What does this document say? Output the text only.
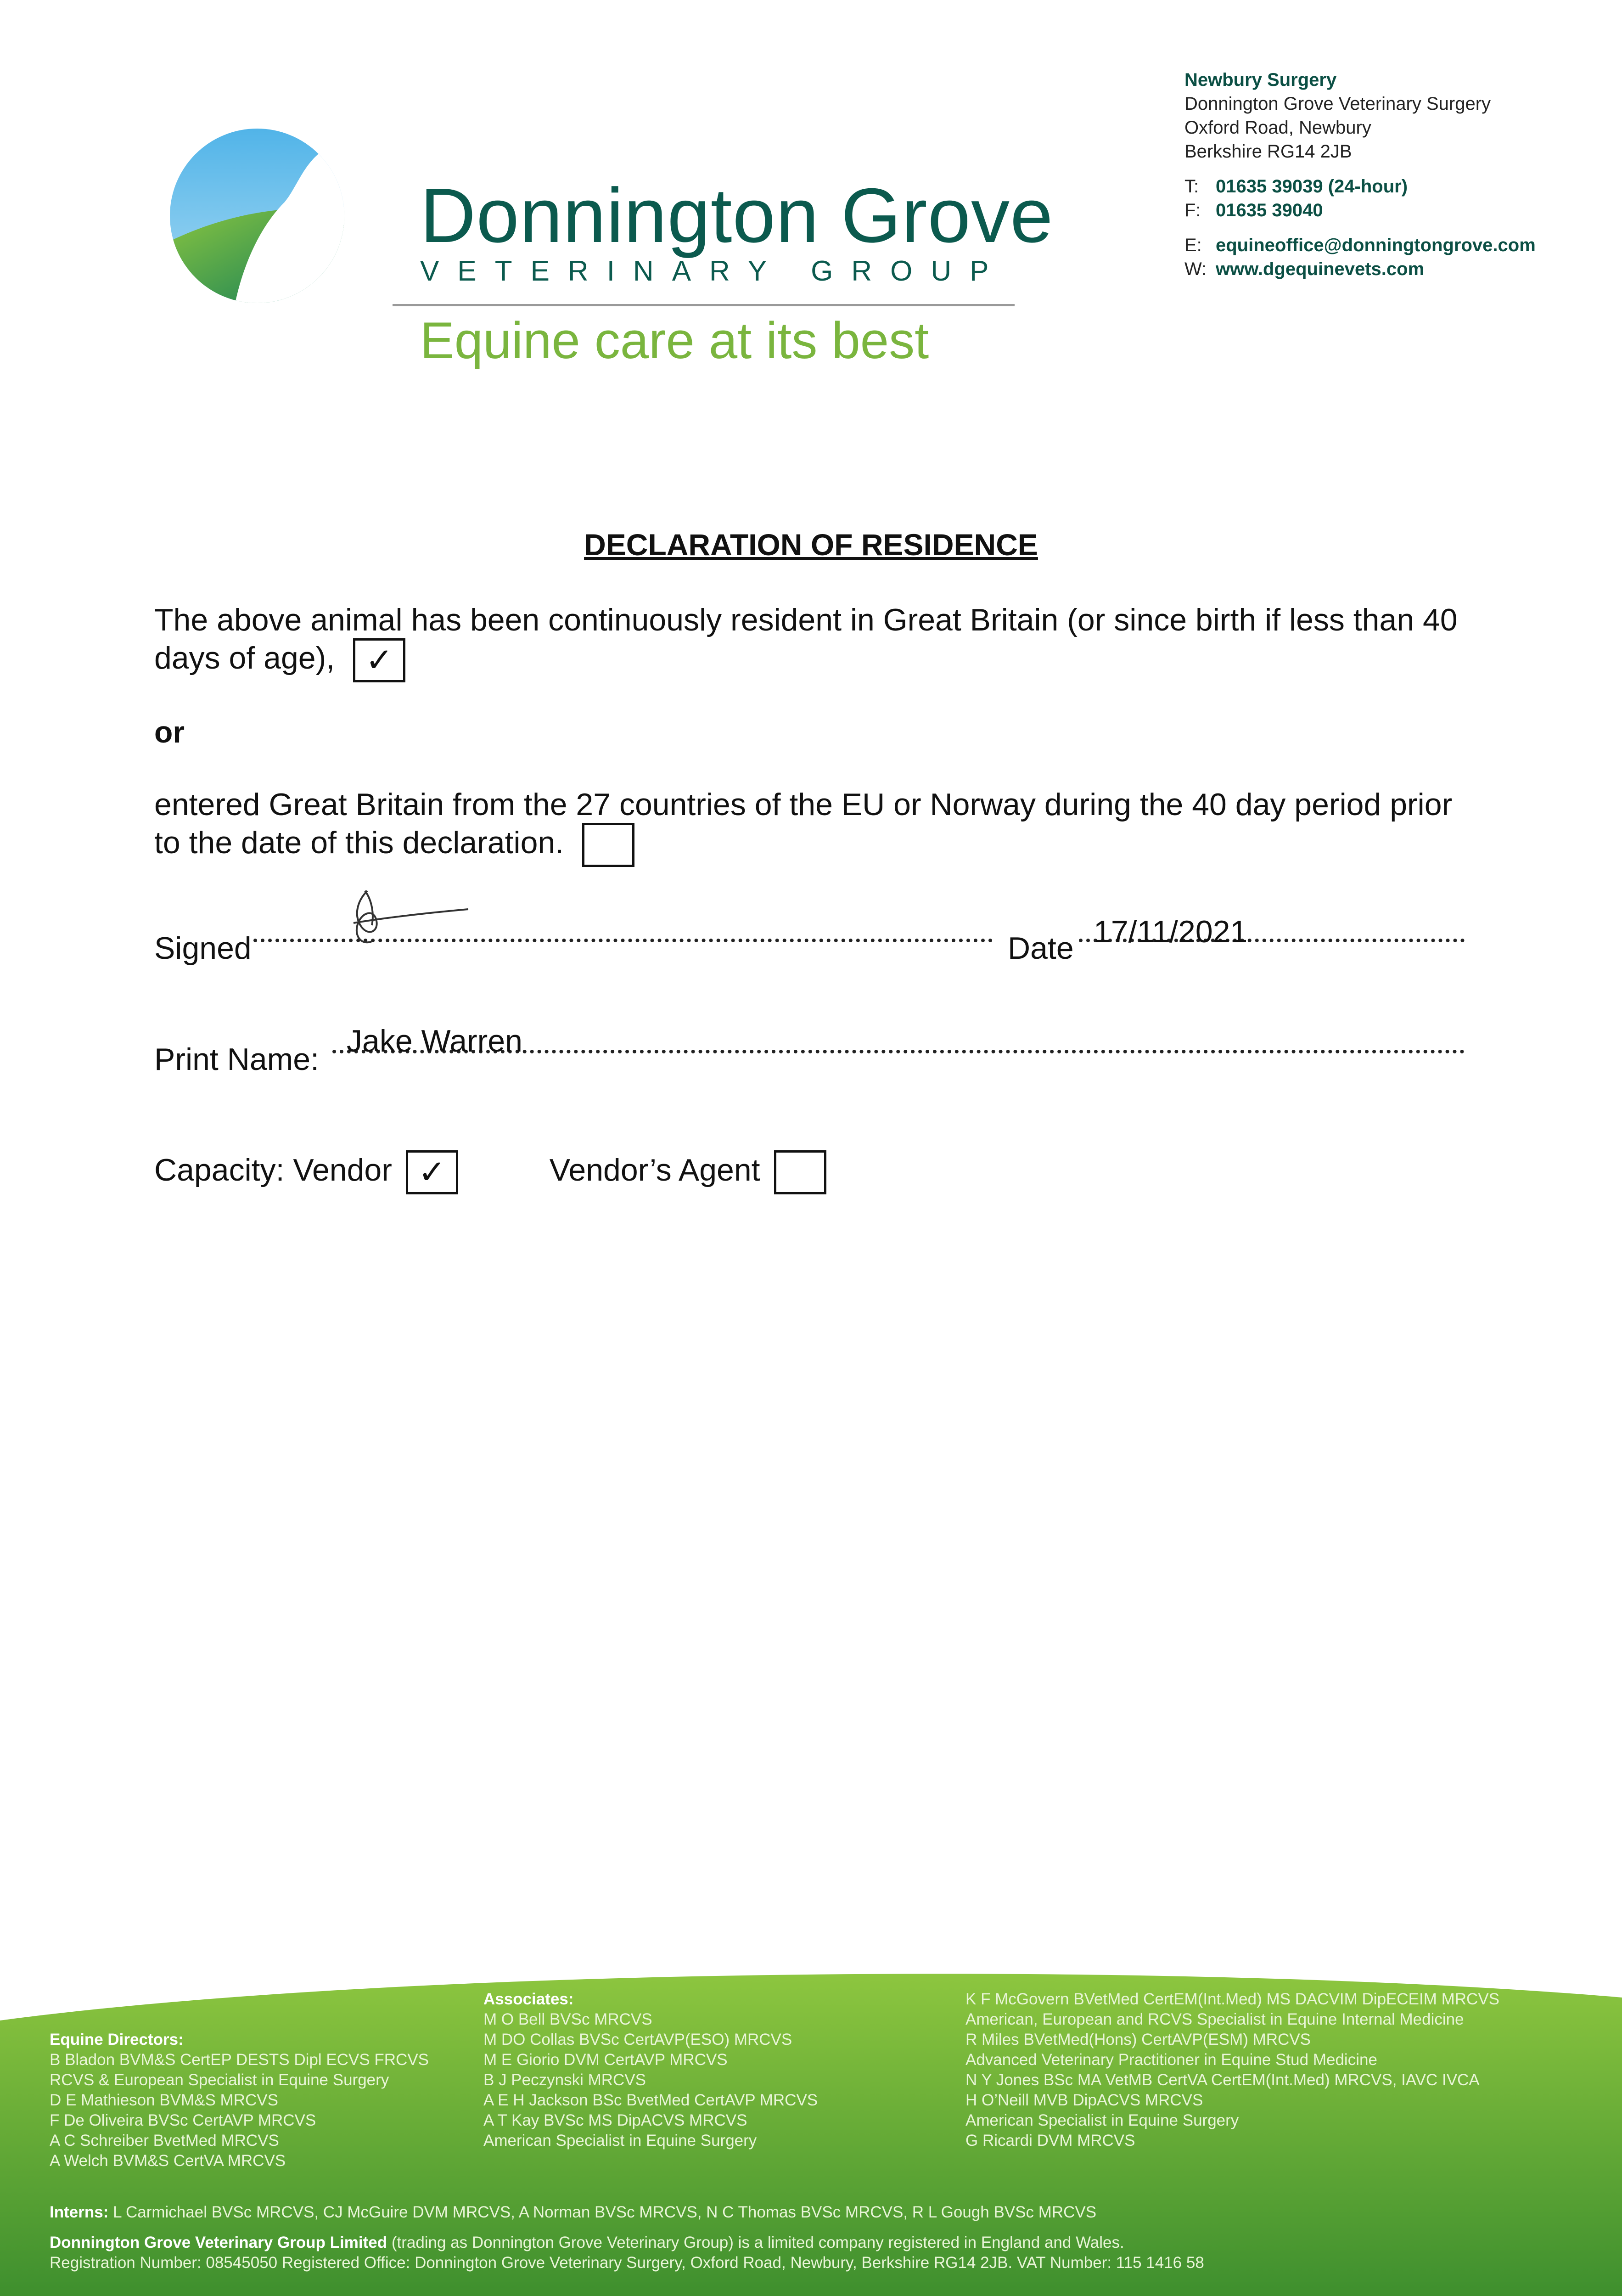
Donnington Grove
VETERINARY GROUP
Equine care at its best
Newbury Surgery
Donnington Grove Veterinary Surgery
Oxford Road, Newbury
Berkshire RG14 2JB
T: 01635 39039 (24-hour)
F: 01635 39040
E: equineoffice@donningtongrove.com
W: www.dgequinevets.com
DECLARATION OF RESIDENCE
The above animal has been continuously resident in Great Britain (or since birth if less than 40 days of age), ✓
or
entered Great Britain from the 27 countries of the EU or Norway during the 40 day period prior to the date of this declaration.
Signed	Date 17/11/2021
Print Name:
Jake Warren
Capacity: Vendor ✓	Vendor’s Agent
Equine Directors:
B Bladon BVM&S CertEP DESTS Dipl ECVS FRCVS
RCVS & European Specialist in Equine Surgery
D E Mathieson BVM&S MRCVS
F De Oliveira BVSc CertAVP MRCVS
A C Schreiber BvetMed MRCVS
A Welch BVM&S CertVA MRCVS
Associates:
M O Bell BVSc MRCVS
M DO Collas BVSc CertAVP(ESO) MRCVS
M E Giorio DVM CertAVP MRCVS
B J Peczynski MRCVS
A E H Jackson BSc BvetMed CertAVP MRCVS
A T Kay BVSc MS DipACVS MRCVS
American Specialist in Equine Surgery
K F McGovern BVetMed CertEM(Int.Med) MS DACVIM DipECEIM MRCVS
American, European and RCVS Specialist in Equine Internal Medicine
R Miles BVetMed(Hons) CertAVP(ESM) MRCVS
Advanced Veterinary Practitioner in Equine Stud Medicine
N Y Jones BSc MA VetMB CertVA CertEM(Int.Med) MRCVS, IAVC IVCA
H O’Neill MVB DipACVS MRCVS
American Specialist in Equine Surgery
G Ricardi DVM MRCVS
Interns: L Carmichael BVSc MRCVS, CJ McGuire DVM MRCVS, A Norman BVSc MRCVS, N C Thomas BVSc MRCVS, R L Gough BVSc MRCVS
Donnington Grove Veterinary Group Limited (trading as Donnington Grove Veterinary Group) is a limited company registered in England and Wales.
Registration Number: 08545050 Registered Office: Donnington Grove Veterinary Surgery, Oxford Road, Newbury, Berkshire RG14 2JB. VAT Number: 115 1416 58
